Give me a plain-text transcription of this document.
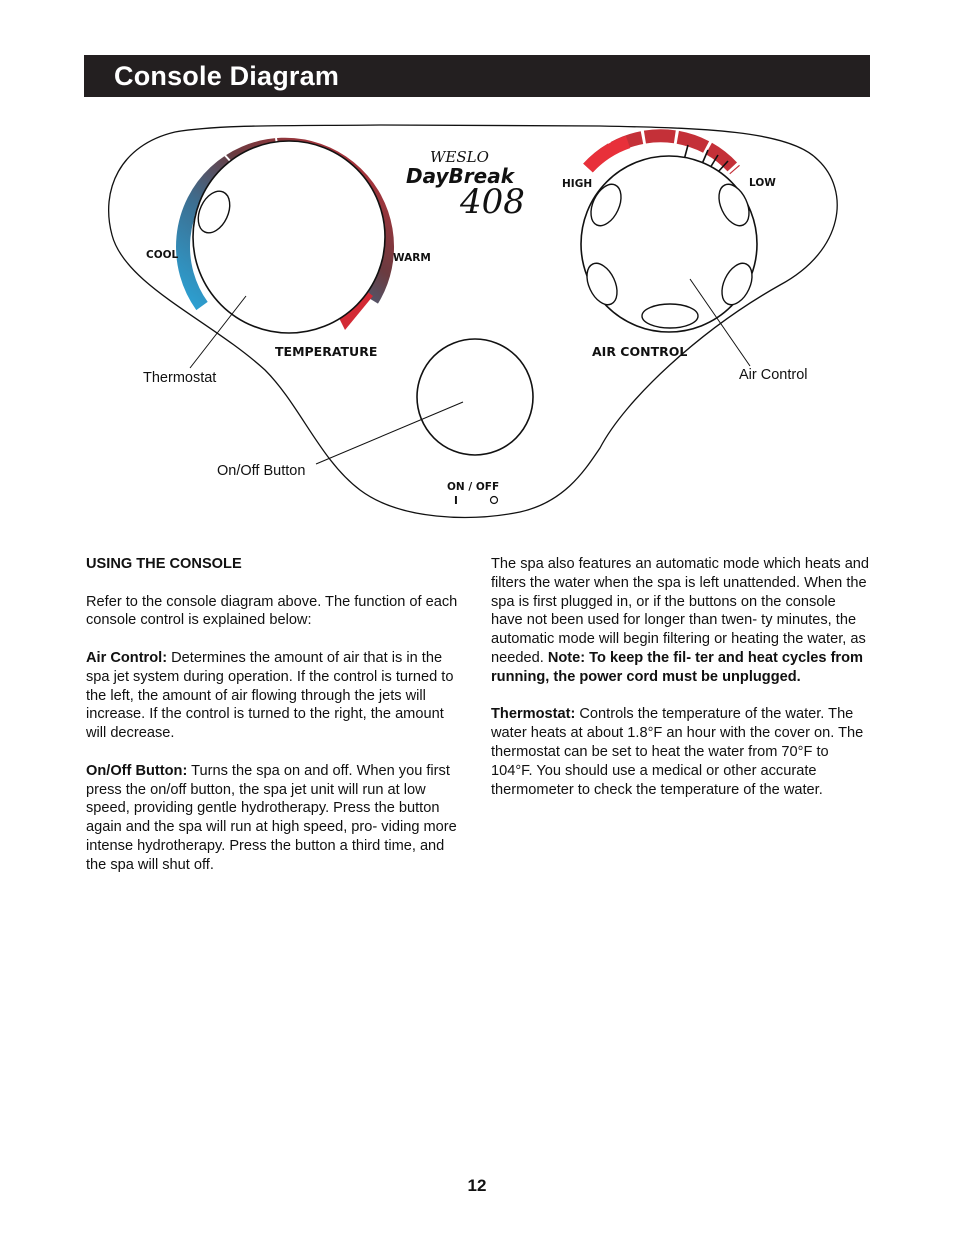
Console Diagram
COOL	WARM
TEMPERATURE
WESLO
DayBreak
408	HIGH	LOW
AIR CONTROL
ON / OFF
I
Thermostat	Air Control
On/Off Button

USING THE CONSOLE

Refer to the console diagram above. The function of each console control is explained below:

Air Control: Determines the amount of air that is in the spa jet system during operation. If the control is turned to the left, the amount of air flowing through the jets will increase. If the control is turned to the right, the amount will decrease.

On/Off Button: Turns the spa on and off. When you first press the on/off button, the spa jet unit will run at low speed, providing gentle hydrotherapy. Press the button again and the spa will run at high speed, pro- viding more intense hydrotherapy. Press the button a third time, and the spa will shut off.

The spa also features an automatic mode which heats and filters the water when the spa is left unattended. When the spa is first plugged in, or if the buttons on the console have not been used for longer than twen- ty minutes, the automatic mode will begin filtering or heating the water, as needed. Note: To keep the fil- ter and heat cycles from running, the power cord must be unplugged.

Thermostat: Controls the temperature of the water. The water heats at about 1.8°F an hour with the cover on. The thermostat can be set to heat the water from 70°F to 104°F. You should use a medical or other accurate thermometer to check the temperature of the water.

12
